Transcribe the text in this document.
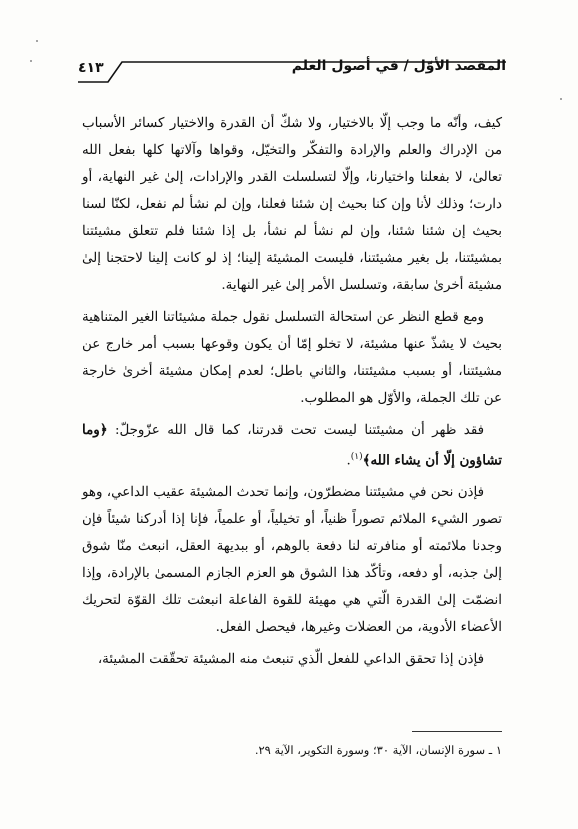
المقصد الأوّل / في أصول العلم
٤١٣

كيف، وأنّه ما وجب إلّا بالاختيار، ولا شكّ أن القدرة والاختيار كسائر الأسباب من الإدراك والعلم والإرادة والتفكّر والتخيّل، وقواها وآلاتها كلها بفعل الله تعالىٰ، لا بفعلنا واختيارنا، وإلّا لتسلسلت القدر والإرادات، إلىٰ غير النهاية، أو دارت؛ وذلك لأنا وإن كنا بحيث إن شئنا فعلنا، وإن لم نشأ لم نفعل، لكنّا لسنا بحيث إن شئنا شئنا، وإن لم نشأ لم نشأ، بل إذا شئنا فلم تتعلق مشيئتنا بمشيئتنا، بل بغير مشيئتنا، فليست المشيئة إلينا؛ إذ لو كانت إلينا لاحتجنا إلىٰ مشيئة أخرىٰ سابقة، وتسلسل الأمر إلىٰ غير النهاية.

ومع قطع النظر عن استحالة التسلسل نقول جملة مشيئاتنا الغير المتناهية بحيث لا يشذّ عنها مشيئة، لا تخلو إمّا أن يكون وقوعها بسبب أمر خارج عن مشيئتنا، أو بسبب مشيئتنا، والثاني باطل؛ لعدم إمكان مشيئة أخرىٰ خارجة عن تلك الجملة، والأوّل هو المطلوب.

فقد ظهر أن مشيئتنا ليست تحت قدرتنا، كما قال الله عزّوجلّ: ﴿وما تشاؤون إلّا أن يشاء الله﴾$^{(١)}$.

فإذن نحن في مشيئتنا مضطرّون، وإنما تحدث المشيئة عقيب الداعي، وهو تصور الشيء الملائم تصوراً ظنياً، أو تخيلياً، أو علمياً، فإنا إذا أدركنا شيئاً فإن وجدنا ملائمته أو منافرته لنا دفعة بالوهم، أو ببديهة العقل، انبعث منّا شوق إلىٰ جذبه، أو دفعه، وتأكّد هذا الشوق هو العزم الجازم المسمىٰ بالإرادة، وإذا انضمّت إلىٰ القدرة الّتي هي مهيئة للقوة الفاعلة انبعثت تلك القوّة لتحريك الأعضاء الأدوية، من العضلات وغيرها، فيحصل الفعل.

فإذن إذا تحقق الداعي للفعل الّذي تنبعث منه المشيئة تحقّقت المشيئة،

١ ـ سورة الإنسان، الآية ٣٠؛ وسورة التكوير، الآية ٢٩.
